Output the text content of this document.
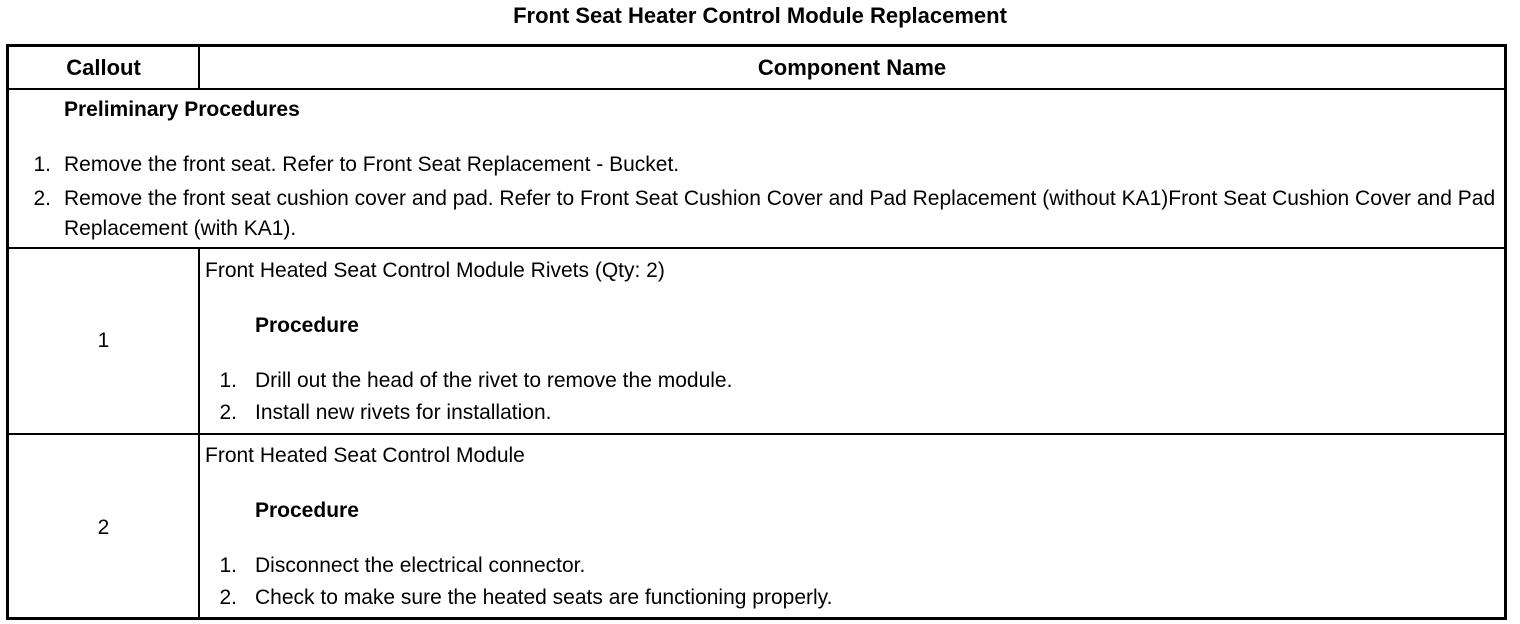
Front Seat Heater Control Module Replacement
Callout	Component Name
Preliminary Procedures
1. Remove the front seat. Refer to Front Seat Replacement - Bucket.
2. Remove the front seat cushion cover and pad. Refer to Front Seat Cushion Cover and Pad Replacement (without KA1)Front Seat Cushion Cover and Pad Replacement (with KA1).
1
Front Heated Seat Control Module Rivets (Qty: 2)
Procedure
1. Drill out the head of the rivet to remove the module.
2. Install new rivets for installation.
2
Front Heated Seat Control Module
Procedure
1. Disconnect the electrical connector.
2. Check to make sure the heated seats are functioning properly.
